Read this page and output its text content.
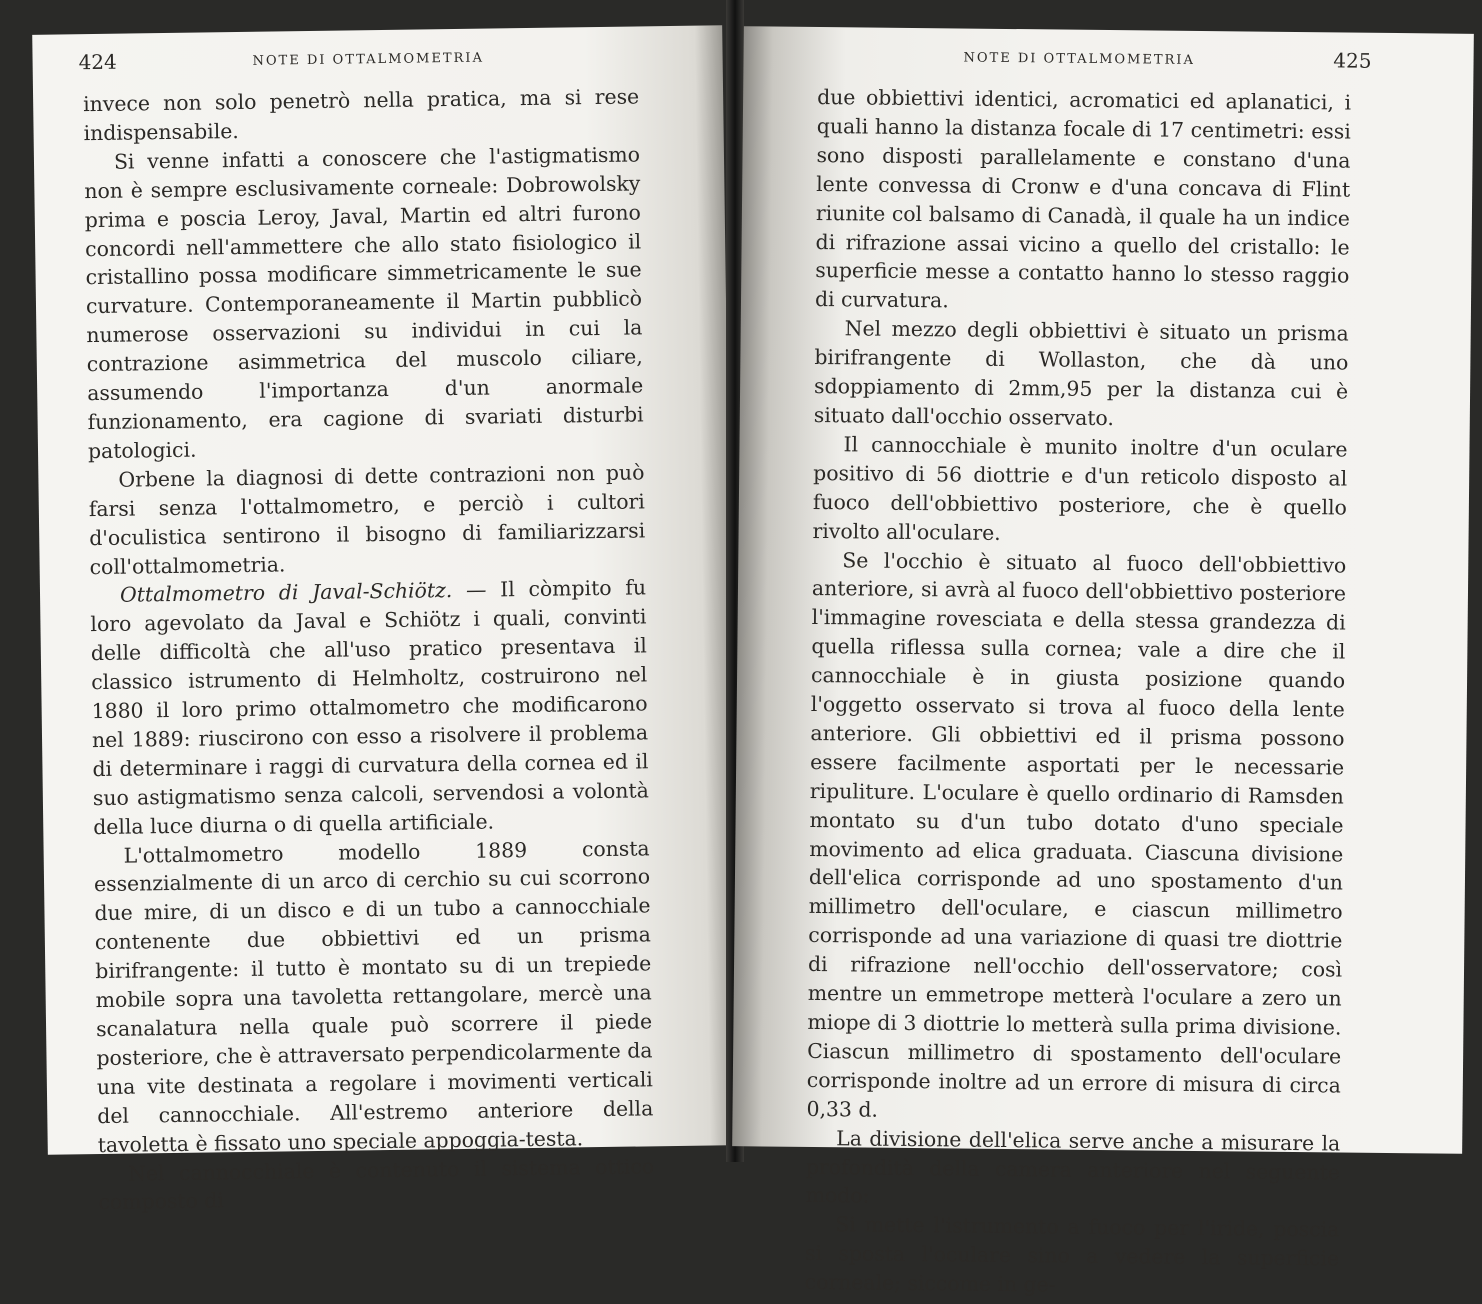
424	NOTE DI OTTALMOMETRIA

invece non solo penetrò nella pratica, ma si rese indispensabile.

Si venne infatti a conoscere che l'astigmatismo non è sempre esclusivamente corneale: Dobrowolsky prima e poscia Leroy, Javal, Martin ed altri furono concordi nell'ammettere che allo stato fisiologico il cristallino possa modificare simmetricamente le sue curvature. Contemporaneamente il Martin pubblicò numerose osservazioni su individui in cui la contrazione asimmetrica del muscolo ciliare, assumendo l'importanza d'un anormale funzionamento, era cagione di svariati disturbi patologici.

Orbene la diagnosi di dette contrazioni non può farsi senza l'ottalmometro, e perciò i cultori d'oculistica sentirono il bisogno di familiarizzarsi coll'ottalmometria.

Ottalmometro di Javal-Schiötz. — Il còmpito fu loro agevolato da Javal e Schiötz i quali, convinti delle difficoltà che all'uso pratico presentava il classico istrumento di Helmholtz, costruirono nel 1880 il loro primo ottalmometro che modificarono nel 1889: riuscirono con esso a risolvere il problema di determinare i raggi di curvatura della cornea ed il suo astigmatismo senza calcoli, servendosi a volontà della luce diurna o di quella artificiale.

L'ottalmometro modello 1889 consta essenzialmente di un arco di cerchio su cui scorrono due mire, di un disco e di un tubo a cannocchiale contenente due obbiettivi ed un prisma birifrangente: il tutto è montato su di un trepiede mobile sopra una tavoletta rettangolare, mercè una scanalatura nella quale può scorrere il piede posteriore, che è attraversato perpendicolarmente da una vite destinata a regolare i movimenti verticali del cannocchiale. All'estremo anteriore della tavoletta è fissato uno speciale appoggia-testa.

Nel cannocchiale è contenuto il sistema ottico composto di

NOTE DI OTTALMOMETRIA	425

due obbiettivi identici, acromatici ed aplanatici, i quali hanno la distanza focale di 17 centimetri: essi sono disposti parallelamente e constano d'una lente convessa di Cronw e d'una concava di Flint riunite col balsamo di Canadà, il quale ha un indice di rifrazione assai vicino a quello del cristallo: le superficie messe a contatto hanno lo stesso raggio di curvatura.

Nel mezzo degli obbiettivi è situato un prisma birifrangente di Wollaston, che dà uno sdoppiamento di 2mm,95 per la distanza cui è situato dall'occhio osservato.

Il cannocchiale è munito inoltre d'un oculare positivo di 56 diottrie e d'un reticolo disposto al fuoco dell'obbiettivo posteriore, che è quello rivolto all'oculare.

Se l'occhio è situato al fuoco dell'obbiettivo anteriore, si avrà al fuoco dell'obbiettivo posteriore l'immagine rovesciata e della stessa grandezza di quella riflessa sulla cornea; vale a dire che il cannocchiale è in giusta posizione quando l'oggetto osservato si trova al fuoco della lente anteriore. Gli obbiettivi ed il prisma possono essere facilmente asportati per le necessarie ripuliture. L'oculare è quello ordinario di Ramsden montato su d'un tubo dotato d'uno speciale movimento ad elica graduata. Ciascuna divisione dell'elica corrisponde ad uno spostamento d'un millimetro dell'oculare, e ciascun millimetro corrisponde ad una variazione di quasi tre diottrie di rifrazione nell'occhio dell'osservatore; così mentre un emmetrope metterà l'oculare a zero un miope di 3 diottrie lo metterà sulla prima divisione. Ciascun millimetro di spostamento dell'oculare corrisponde inoltre ad un errore di misura di circa 0,33 d.

La divisione dell'elica serve anche a misurare la profondità della camera anteriore nel seguente modo:

Si mette l'istrumento a fuoco per l'iride, poscia si sposta l'oculare sino a vedere la superficie corneale; siccome in ge-
